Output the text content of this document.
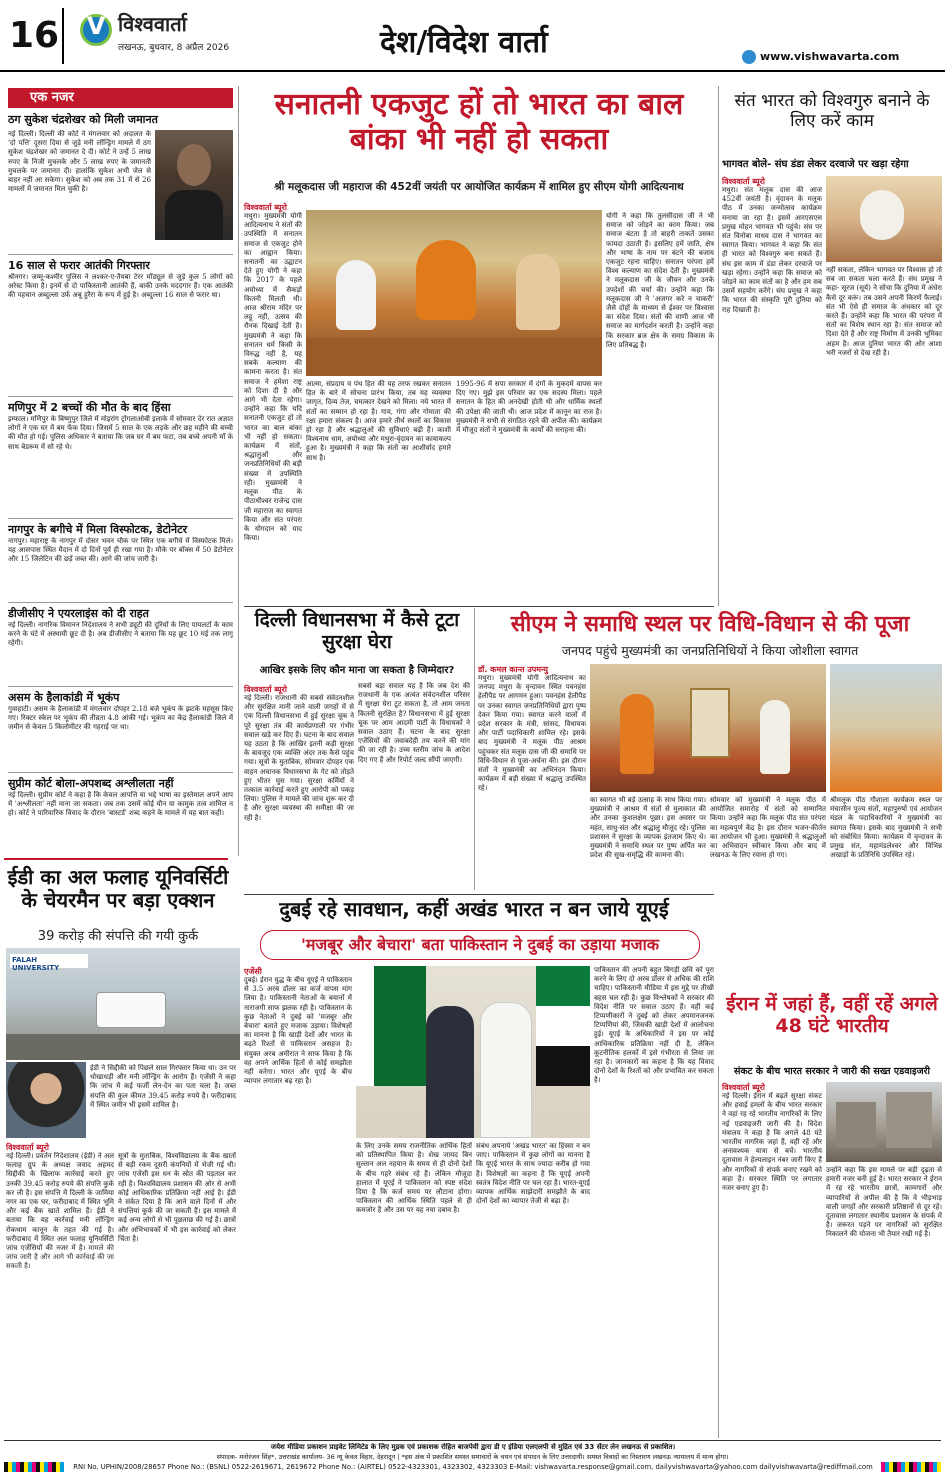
16 V विश्ववार्ता
लखनऊ, बुधवार, 8 अप्रैल 2026	देश/विदेश वार्ता	www.vishwavarta.com
एक नजर
ठग सुकेश चंद्रशेखर को मिली जमानत
नई दिल्ली। दिल्ली की कोर्ट ने मंगलवार को अदालत के 'दो पत्ति' दूसरा दिया से जुड़े मनी लॉन्ड्रिंग मामले में ठग सुकेश चंद्रशेखर को जमानत दे दी। कोर्ट ने उन्हें 5 लाख रुपए के निजी मुचलके और 5 लाख रुपए के जमानती मुचलके पर जमानत दी। हालांकि सुकेश अभी जेल से बाहर नहीं आ सकेगा। सुकेश को अब तक 31 में से 26 मामलों में जमानत मिल चुकी है।
16 साल से फरार आतंकी गिरफ्तार
श्रीनगर। जम्मू-कश्मीर पुलिस ने लश्कर-ए-तैयबा टेरर मॉड्यूल से जुड़े कुल 5 लोगों को अरेस्ट किया है। इनमें से दो पाकिस्तानी आतंकी हैं, बाकी उनके मददगार हैं। एक आतंकी की पहचान अब्दुल्ला उर्फ अबू हुरैरा के रूप में हुई है। अब्दुल्ला 16 साल से फरार था।
मणिपुर में 2 बच्चों की मौत के बाद हिंसा
इम्फाल। मणिपुर के बिष्णुपुर जिले में मोइरांग ट्रोंगलाओबी इलाके में सोमवार देर रात अज्ञात लोगों ने एक घर में बम फेंक दिया। जिसमें 5 साल के एक लड़के और छह महीने की बच्ची की मौत हो गई। पुलिस अधिकार ने बताया कि जब घर में बम फटा, तब बच्चे अपनी माँ के साथ बेडरूम में सो रहे थे।
नागपुर के बगीचे में मिला विस्फोटक, डेटोनेटर
नागपुर। महाराष्ट्र के नागपुर में दोसर भवन चौक पर स्थित एक बगीचे में विस्फोटक मिले। यह आसपास स्थित मैदान में दो दिनों पूर्व ही रखा गया है। मौके पर बॉक्स में 50 डेटोनेटर और 15 जिलेटिन की छड़ें जब्त की। आगे की जांच जारी है।
डीजीसीए ने एयरलाइंस को दी राहत
नई दिल्ली। नागरिक विमानन निदेशालय ने सभी ड्यूटी की दूरियों के लिए पायलटों के काम करने के घंटे में अस्थायी छूट दी है। अब डीजीसीए ने बताया कि यह छूट 10 मई तक लागू रहेगी।
असम के हैलाकांडी में भूकंप
गुवाहाटी। असम के हैलाकांडी में मंगलवार दोपहर 2.18 बजे भूकंप के झटके महसूस किए गए। रिक्टर स्केल पर भूकंप की तीव्रता 4.8 आंकी गई। भूकंप का केंद्र हैलाकांडी जिले में जमीन से केवल 5 किलोमीटर की गहराई पर था।
सुप्रीम कोर्ट बोला-अपशब्द अश्लीलता नहीं
नई दिल्ली। सुप्रीम कोर्ट ने कहा है कि केवल आपत्ति या भद्दे भाषा का इस्तेमाल अपने आप में 'अश्लीलता' नहीं माना जा सकता। जब तक उसमें कोई यौन या कामुक तत्व शामिल न हो। कोर्ट ने पारिवारिक विवाद के दौरान 'बास्टर्ड' शब्द कहने के मामले में यह बात कही।
ईडी का अल फलाह यूनिवर्सिटी के चेयरमैन पर बड़ा एक्शन
39 करोड़ की संपत्ति की गयी कुर्क
FALAH UNIVERSITY
विश्ववार्ता ब्यूरो
नई दिल्ली। प्रवर्तन निदेशालय (ईडी) ने अल फलाह ग्रुप के अध्यक्ष जवाद अहमद सिद्दीकी के खिलाफ कार्रवाई करते हुए उनकी 39.45 करोड़ रुपये की संपत्ति कुर्क कर ली है। इस संपत्ति में दिल्ली के जामिया नगर का एक घर, फरीदाबाद में स्थित भूमि और कई बैंक खाते शामिल हैं। ईडी ने बताया कि यह कार्रवाई मनी लॉन्ड्रिंग रोकथाम कानून के तहत की गई है। फरीदाबाद में स्थित अल फलाह यूनिवर्सिटी जांच एजेंसियों की नजर में है। मामले की जांच जारी है और आगे भी कार्रवाई की जा सकती है।
ईडी ने सिद्दीकी को पिछले साल गिरफ्तार किया था। उन पर धोखाधड़ी और मनी लॉन्ड्रिंग के आरोप हैं। एजेंसी ने कहा कि जांच में कई फर्जी लेन-देन का पता चला है। जब्त संपत्ति की कुल कीमत 39.45 करोड़ रुपये है। फरीदाबाद में स्थित जमीन भी इसमें शामिल है।
सूत्रों के मुताबिक, विश्वविद्यालय के बैंक खातों से बड़ी रकम दूसरी कंपनियों में भेजी गई थी। जांच एजेंसी इस धन के स्रोत की पड़ताल कर रही है। विश्वविद्यालय प्रशासन की ओर से अभी कोई आधिकारिक प्रतिक्रिया नहीं आई है। ईडी ने संकेत दिया है कि आने वाले दिनों में और संपत्तियां कुर्क की जा सकती हैं। इस मामले में कई अन्य लोगों से भी पूछताछ की गई है। छात्रों और अभिभावकों में भी इस कार्रवाई को लेकर चिंता है।
सनातनी एकजुट हों तो भारत का बाल बांका भी नहीं हो सकता
श्री मलूकदास जी महाराज की 452वीं जयंती पर आयोजित कार्यक्रम में शामिल हुए सीएम योगी आदित्यनाथ
विश्ववार्ता ब्यूरो
मथुरा। मुख्यमंत्री योगी आदित्यनाथ ने संतों की उपस्थिति में सनातन समाज से एकजुट होने का आह्वान किया। सनातनी का उद्घाटन देते हुए योगी ने कहा कि 2017 के पहले अयोध्या में सैकड़ों कितनी मिलती थी। आज श्रीराम मंदिर पर लहू नहीं, उत्सव की रौनक दिखाई देती है। मुख्यमंत्री ने कहा कि सनातन धर्म किसी के विरुद्ध नहीं है, यह सबके कल्याण की कामना करता है। संत समाज ने हमेशा राष्ट्र को दिशा दी है और आगे भी देता रहेगा। उन्होंने कहा कि यदि सनातनी एकजुट हों तो भारत का बाल बांका भी नहीं हो सकता। कार्यक्रम में संतों, श्रद्धालुओं और जनप्रतिनिधियों की बड़ी संख्या में उपस्थिति रही। मुख्यमंत्री ने मलूक पीठ के पीठाधीश्वर राजेन्द्र दास जी महाराज का स्वागत किया और संत परंपरा के योगदान को याद किया।
आत्मा, संप्रदाय व पंथ हित की यह तरफ रखकर सनातन हित के बारे में सोचना प्रारंभ किया, तब यह व्यवस्था जागृत, दिव्य तेज, चमत्कार देखने को मिला। नये भारत में संतों का सम्मान हो रहा है। गाय, गंगा और गोमाता की रक्षा हमारा संकल्प है। आज हमारे तीर्थ स्थलों का विकास हो रहा है और श्रद्धालुओं की सुविधाएं बढ़ी हैं। काशी विश्वनाथ धाम, अयोध्या और मथुरा-वृंदावन का कायाकल्प हुआ है। मुख्यमंत्री ने कहा कि संतों का आशीर्वाद हमारे साथ है।
1995-96 में सपा सरकार में दंगों के मुकदमे वापस कर दिए गए। मुझे इस परिवार का एक सदस्य मिला। पहले सनातन के हित की अनदेखी होती थी और धार्मिक स्थलों की उपेक्षा की जाती थी। आज प्रदेश में कानून का राज है। मुख्यमंत्री ने सभी से संगठित रहने की अपील की। कार्यक्रम में मौजूद संतों ने मुख्यमंत्री के कार्यों की सराहना की।
योगी ने कहा कि तुलसीदास जी ने भी समाज को जोड़ने का काम किया। जब समाज बंटता है तो बाहरी ताकतें उसका फायदा उठाती हैं। इसलिए हमें जाति, क्षेत्र और भाषा के नाम पर बंटने की बजाय एकजुट रहना चाहिए। सनातन परंपरा हमें विश्व कल्याण का संदेश देती है। मुख्यमंत्री ने मलूकदास जी के जीवन और उनके उपदेशों की चर्चा की। उन्होंने कहा कि मलूकदास जी ने 'अजगर करे न चाकरी' जैसे दोहों के माध्यम से ईश्वर पर विश्वास का संदेश दिया। संतों की वाणी आज भी समाज का मार्गदर्शन करती है। उन्होंने कहा कि सरकार ब्रज क्षेत्र के समग्र विकास के लिए प्रतिबद्ध है।
संत भारत को विश्वगुरु बनाने के लिए करें काम
भागवत बोले- संघ डंडा लेकर दरवाजे पर खड़ा रहेगा
विश्ववार्ता ब्यूरो
मथुरा। संत मलूक दास की आज 452वीं जयंती है। वृंदावन के मलूक पीठ में उनका जन्मोत्सव कार्यक्रम मनाया जा रहा है। इसमें आरएसएस प्रमुख मोहन भागवत भी पहुंचे। संघ पर संत विनोबा माधव दास ने भागवत का स्वागत किया। भागवत ने कहा कि संत ही भारत को विश्वगुरु बना सकते हैं। संघ इस काम में डंडा लेकर दरवाजे पर खड़ा रहेगा। उन्होंने कहा कि समाज को जोड़ने का काम संतों का है और हम सब उसमें सहयोग करेंगे। संघ प्रमुख ने कहा कि भारत की संस्कृति पूरी दुनिया को राह दिखाती है।
नहीं सकता, लेकिन भागवत पर विश्वास हो तो सब जा सकता चला करते हैं। संघ प्रमुख ने कहा- सूरज (सूर्य) ने सोचा कि दुनिया में अंधेरा कैसे दूर करूं। तब उसने अपनी किरणें फैलाईं। संत भी ऐसे ही समाज के अंधकार को दूर करते हैं। उन्होंने कहा कि भारत की परंपरा में संतों का विशेष स्थान रहा है। संत समाज को दिशा देते हैं और राष्ट्र निर्माण में उनकी भूमिका अहम है। आज दुनिया भारत की ओर आशा भरी नजरों से देख रही है।
दिल्ली विधानसभा में कैसे टूटा सुरक्षा घेरा
आखिर इसके लिए कौन माना जा सकता है जिम्मेदार?
विश्ववार्ता ब्यूरो
नई दिल्ली। राजधानी की सबसे संवेदनशील और सुरक्षित मानी जाने वाली जगहों में से एक दिल्ली विधानसभा में हुई सुरक्षा चूक ने पूरे सुरक्षा तंत्र की कार्यप्रणाली पर गंभीर सवाल खड़े कर दिए हैं। घटना के बाद सवाल यह उठता है कि आखिर इतनी कड़ी सुरक्षा के बावजूद एक व्यक्ति अंदर तक कैसे पहुंच गया। सूत्रों के मुताबिक, सोमवार दोपहर एक वाहन अचानक विधानसभा के गेट को तोड़ते हुए भीतर घुस गया। सुरक्षा कर्मियों ने तत्काल कार्रवाई करते हुए आरोपी को पकड़ लिया। पुलिस ने मामले की जांच शुरू कर दी है और सुरक्षा व्यवस्था की समीक्षा की जा रही है।
सबसे बड़ा सवाल यह है कि जब देश की राजधानी के एक अत्यंत संवेदनशील परिसर में सुरक्षा घेरा टूट सकता है, तो आम जनता कितनी सुरक्षित है? विधानसभा में हुई सुरक्षा चूक पर आम आदमी पार्टी के विधायकों ने सवाल उठाए हैं। घटना के बाद सुरक्षा एजेंसियों की जवाबदेही तय करने की मांग की जा रही है। उच्च स्तरीय जांच के आदेश दिए गए हैं और रिपोर्ट जल्द सौंपी जाएगी।
सीएम ने समाधि स्थल पर विधि-विधान से की पूजा
जनपद पहुंचे मुख्यमंत्री का जनप्रतिनिधियों ने किया जोशीला स्वागत
डॉ. कमल कान्त उपमन्यु
मथुरा। मुख्यमंत्री योगी आदित्यनाथ का जनपद मथुरा के वृन्दावन स्थित पवनहंस हेलीपैड पर आगमन हुआ। पवनहंस हेलीपैड पर उनका स्वागत जनप्रतिनिधियों द्वारा पुष्प देकर किया गया। स्वागत करने वालों में प्रदेश सरकार के मंत्री, सांसद, विधायक और पार्टी पदाधिकारी शामिल रहे। इसके बाद मुख्यमंत्री ने मलूक पीठ आश्रम पहुंचकर संत मलूक दास जी की समाधि पर विधि-विधान से पूजा-अर्चना की। इस दौरान संतों ने मुख्यमंत्री का अभिनंदन किया। कार्यक्रम में बड़ी संख्या में श्रद्धालु उपस्थित रहे।
का स्वागत भी बड़े उत्साह के साथ किया गया। मुख्यमंत्री ने आश्रम में संतों से मुलाकात की और उनका कुशलक्षेम पूछा। इस अवसर पर महंत, साधु-संत और श्रद्धालु मौजूद रहे। पुलिस प्रशासन ने सुरक्षा के व्यापक इंतजाम किए थे। मुख्यमंत्री ने समाधि स्थल पर पुष्प अर्पित कर प्रदेश की सुख-समृद्धि की कामना की।
सोमवार को मुख्यमंत्री ने मलूक पीठ में आयोजित समारोह में संतों को सम्मानित किया। उन्होंने कहा कि मलूक पीठ संत परंपरा का महत्वपूर्ण केंद्र है। इस दौरान भजन-कीर्तन का आयोजन भी हुआ। मुख्यमंत्री ने श्रद्धालुओं का अभिवादन स्वीकार किया और बाद में लखनऊ के लिए रवाना हो गए।
श्रीमलूक पीठ गौशाला कार्यक्रम स्थल पर मंचासीन पूज्य संतों, महापुरुषों एवं आयोजन मंडल के पदाधिकारियों ने मुख्यमंत्री का स्वागत किया। इसके बाद मुख्यमंत्री ने सभी को संबोधित किया। कार्यक्रम में वृन्दावन के प्रमुख संत, महामंडलेश्वर और विभिन्न अखाड़ों के प्रतिनिधि उपस्थित रहे।
दुबई रहे सावधान, कहीं अखंड भारत न बन जाये यूएई
'मजबूर और बेचारा' बता पाकिस्तान ने दुबई का उड़ाया मजाक
एजेंसी
दुबई। ईरान युद्ध के बीच यूएई ने पाकिस्तान से 3.5 अरब डॉलर का कर्ज वापस मांग लिया है। पाकिस्तानी नेताओं के बयानों में नाराजगी साफ झलक रही है। पाकिस्तान के कुछ नेताओं ने दुबई को 'मजबूर और बेचारा' बताते हुए मजाक उड़ाया। विशेषज्ञों का मानना है कि खाड़ी देशों और भारत के बढ़ते रिश्तों से पाकिस्तान असहज है। संयुक्त अरब अमीरात ने साफ किया है कि वह अपने आर्थिक हितों से कोई समझौता नहीं करेगा। भारत और यूएई के बीच व्यापार लगातार बढ़ रहा है।
के लिए उनके समय राजनीतिक आर्थिक हितों को प्रतिस्थापित किया है। शेख जायद बिन सुल्तान अल नहयान के समय से ही दोनों देशों के बीच गहरे संबंध रहे हैं। लेकिन मौजूदा हालात में यूएई ने पाकिस्तान को स्पष्ट संदेश दिया है कि कर्ज समय पर लौटाना होगा। पाकिस्तान की आर्थिक स्थिति पहले से ही कमजोर है और उस पर यह नया दबाव है।
संबंध अपनाये 'अखंड भारत' का हिस्सा न बन जाए। पाकिस्तान में कुछ लोगों का मानना है कि यूएई भारत के साथ ज्यादा करीब हो गया है। विशेषज्ञों का कहना है कि यूएई अपनी स्वतंत्र विदेश नीति पर चल रहा है। भारत-यूएई व्यापक आर्थिक साझेदारी समझौते के बाद दोनों देशों का व्यापार तेजी से बढ़ा है।
पाकिस्तान की अपनी बहुत बिगड़ी छवि को पूरा करने के लिए दो अरब डॉलर से अधिक की राशि चाहिए। पाकिस्तानी मीडिया में इस मुद्दे पर तीखी बहस चल रही है। कुछ विश्लेषकों ने सरकार की विदेश नीति पर सवाल उठाए हैं। वहीं कई टिप्पणीकारों ने दुबई को लेकर अपमानजनक टिप्पणियां कीं, जिसकी खाड़ी देशों में आलोचना हुई। यूएई के अधिकारियों ने इस पर कोई आधिकारिक प्रतिक्रिया नहीं दी है, लेकिन कूटनीतिक हलकों में इसे गंभीरता से लिया जा रहा है। जानकारों का कहना है कि यह विवाद दोनों देशों के रिश्तों को और प्रभावित कर सकता है।
ईरान में जहां हैं, वहीं रहें अगले 48 घंटे भारतीय
संकट के बीच भारत सरकार ने जारी की सख्त एडवाइजरी
विश्ववार्ता ब्यूरो
नई दिल्ली। ईरान में बढ़ते सुरक्षा संकट और हवाई हमलों के बीच भारत सरकार ने वहां रह रहे भारतीय नागरिकों के लिए नई एडवाइजरी जारी की है। विदेश मंत्रालय ने कहा है कि अगले 48 घंटे भारतीय नागरिक जहां हैं, वहीं रहें और अनावश्यक यात्रा से बचें। भारतीय दूतावास ने हेल्पलाइन नंबर जारी किए हैं और नागरिकों से संपर्क बनाए रखने को कहा है। सरकार स्थिति पर लगातार नजर बनाए हुए है।
उन्होंने कहा कि इस मामले पर बड़ी दृढ़ता से हमारी नजर बनी हुई है। भारत सरकार ने ईरान में रह रहे भारतीय छात्रों, कामगारों और व्यापारियों से अपील की है कि वे भीड़भाड़ वाली जगहों और सरकारी प्रतिष्ठानों से दूर रहें। दूतावास लगातार स्थानीय प्रशासन के संपर्क में है। जरूरत पड़ने पर नागरिकों को सुरक्षित निकालने की योजना भी तैयार रखी गई है।
जयेश मीडिया प्रकाशन प्राइवेट लिमिटेड के लिए मुद्रक एवं प्रकाशक रोहित बाजपेयी द्वारा डी ए इंडिया एलएलपी से मुद्रित एवं 33 सेंटर लेन लखनऊ से प्रकाशित।
संपादक- मनोरंजन सिंह*, उत्तराखंड कार्यालय- 36 न्यू केवल विहार, देहरादून | *इस अंक में प्रकाशित समस्त समाचारों के चयन एवं संपादन के लिए उत्तरदायी। समस्त विवादों का निस्तारण लखनऊ न्यायालय में मान्य होगा।
RNI No. UPHIN/2008/28657 Phone No.: (BSNL) 0522-2619671, 2619672 Phone No.: (AIRTEL) 0522-4323301, 4323302, 4323303 E-Mail: vishwavarta.response@gmail.com, dailyvishwavarta@yahoo.com dailyvishwavarta@rediffmail.com
